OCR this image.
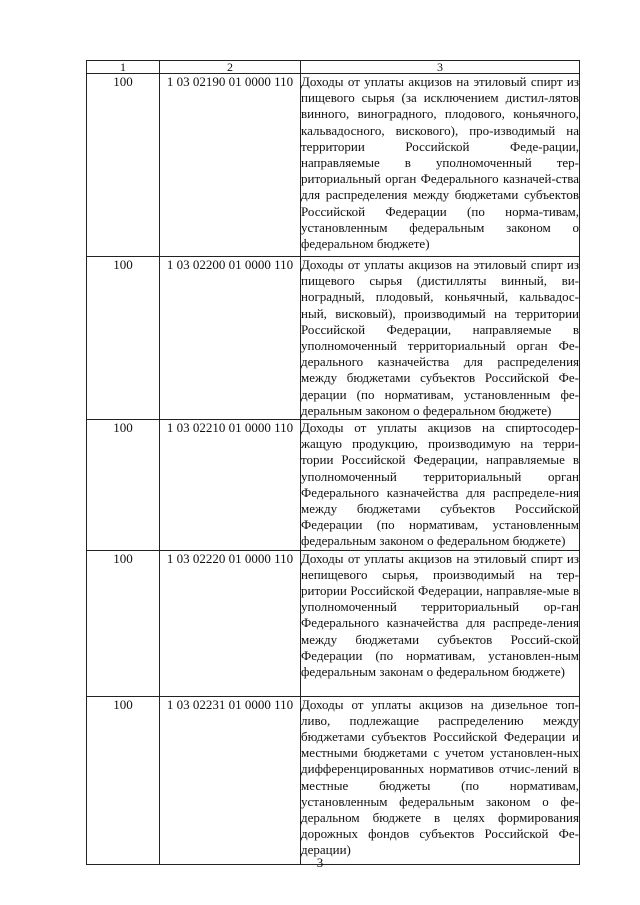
1	2	3
100	1 03 02190 01 0000 110	Доходы от уплаты акцизов на этиловый спирт из пищевого сырья (за исключением дистил-лятов винного, виноградного, плодового, коньячного, кальвадосного, вискового), про-изводимый на территории Российской Феде-рации, направляемые в уполномоченный тер-риториальный орган Федерального казначей-ства для распределения между бюджетами субъектов Российской Федерации (по норма-тивам, установленным федеральным законом о федеральном бюджете)
100	1 03 02200 01 0000 110	Доходы от уплаты акцизов на этиловый спирт из пищевого сырья (дистилляты винный, ви-ноградный, плодовый, коньячный, кальвадос-ный, висковый), производимый на территории Российской Федерации, направляемые в уполномоченный территориальный орган Фе-дерального казначейства для распределения между бюджетами субъектов Российской Фе-дерации (по нормативам, установленным фе-деральным законом о федеральном бюджете)
100	1 03 02210 01 0000 110	Доходы от уплаты акцизов на спиртосодер-жащую продукцию, производимую на терри-тории Российской Федерации, направляемые в уполномоченный территориальный орган Федерального казначейства для распределе-ния между бюджетами субъектов Российской Федерации (по нормативам, установленным федеральным законом о федеральном бюджете)
100	1 03 02220 01 0000 110	Доходы от уплаты акцизов на этиловый спирт из непищевого сырья, производимый на тер-ритории Российской Федерации, направляе-мые в уполномоченный территориальный ор-ган Федерального казначейства для распреде-ления между бюджетами субъектов Россий-ской Федерации (по нормативам, установлен-ным федеральным законам о федеральном бюджете)
100	1 03 02231 01 0000 110	Доходы от уплаты акцизов на дизельное топ-ливо, подлежащие распределению между бюджетами субъектов Российской Федерации и местными бюджетами с учетом установлен-ных дифференцированных нормативов отчис-лений в местные бюджеты (по нормативам, установленным федеральным законом о фе-деральном бюджете в целях формирования дорожных фондов субъектов Российской Фе-дерации)
3
